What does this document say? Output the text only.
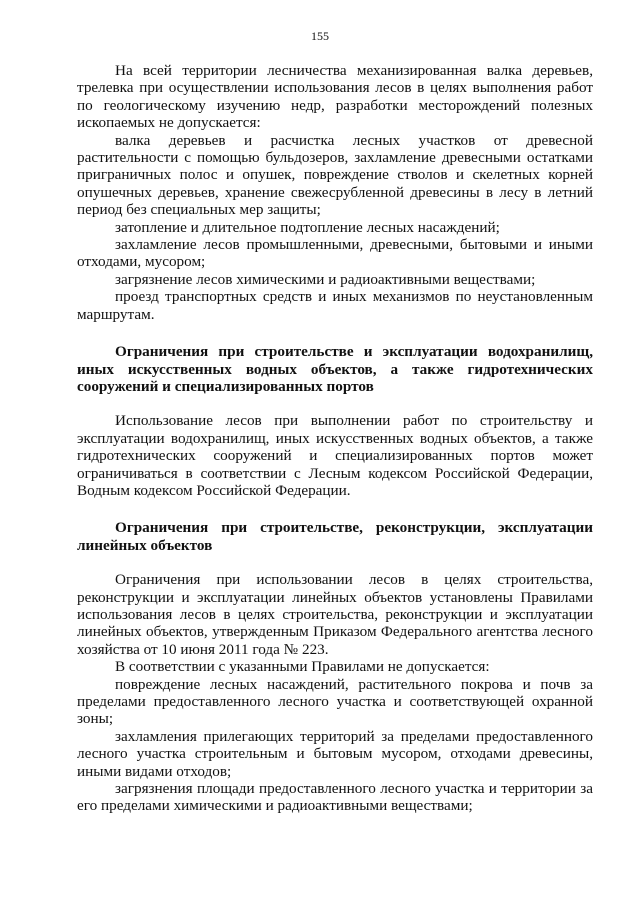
155

На всей территории лесничества механизированная валка деревьев, трелевка при осуществлении использования лесов в целях выполнения работ по геологическому изучению недр, разработки месторождений полезных ископаемых не допускается:

валка деревьев и расчистка лесных участков от древесной растительности с помощью бульдозеров, захламление древесными остатками приграничных полос и опушек, повреждение стволов и скелетных корней опушечных деревьев, хранение свежесрубленной древесины в лесу в летний период без специальных мер защиты;

затопление и длительное подтопление лесных насаждений;

захламление лесов промышленными, древесными, бытовыми и иными отходами, мусором;

загрязнение лесов химическими и радиоактивными веществами;

проезд транспортных средств и иных механизмов по неустановленным маршрутам.

Ограничения при строительстве и эксплуатации водохранилищ, иных искусственных водных объектов, а также гидротехнических сооружений и специализированных портов

Использование лесов при выполнении работ по строительству и эксплуатации водохранилищ, иных искусственных водных объектов, а также гидротехнических сооружений и специализированных портов может ограничиваться в соответствии с Лесным кодексом Российской Федерации, Водным кодексом Российской Федерации.

Ограничения при строительстве, реконструкции, эксплуатации линейных объектов

Ограничения при использовании лесов в целях строительства, реконструкции и эксплуатации линейных объектов установлены Правилами использования лесов в целях строительства, реконструкции и эксплуатации линейных объектов, утвержденным Приказом Федерального агентства лесного хозяйства от 10 июня 2011 года № 223.

В соответствии с указанными Правилами не допускается:

повреждение лесных насаждений, растительного покрова и почв за пределами предоставленного лесного участка и соответствующей охранной зоны;

захламления прилегающих территорий за пределами предоставленного лесного участка строительным и бытовым мусором, отходами древесины, иными видами отходов;

загрязнения площади предоставленного лесного участка и территории за его пределами химическими и радиоактивными веществами;
